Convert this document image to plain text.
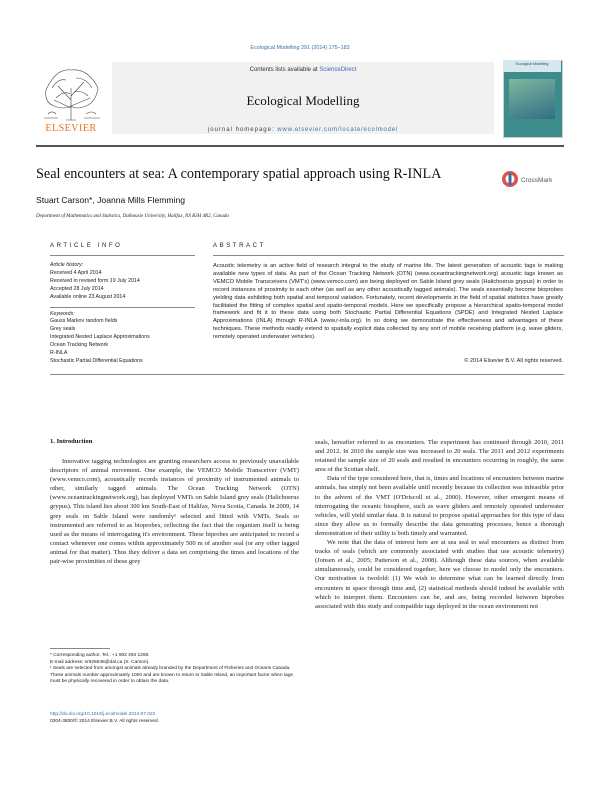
Ecological Modelling 291 (2014) 175–183
ELSEVIER
Contents lists available at ScienceDirect
Ecological Modelling
journal homepage: www.elsevier.com/locate/ecolmodel
Ecological Modelling
Seal encounters at sea: A contemporary spatial approach using R-INLA	CrossMark
Stuart Carson*, Joanna Mills Flemming
Department of Mathematics and Statistics, Dalhousie University, Halifax, NS B3H 4R2, Canada
ARTICLE INFO	ABSTRACT
Article history:
Received 4 April 2014
Received in revised form 19 July 2014
Accepted 28 July 2014
Available online 23 August 2014
Keywords:
Gauss Markov random fields
Grey seals
Integrated Nested Laplace Approximations
Ocean Tracking Network
R-INLA
Stochastic Partial Differential Equations
Acoustic telemetry is an active field of research integral to the study of marine life. The latest generation of acoustic tags is making available new types of data. As part of the Ocean Tracking Network (OTN) (www.oceantrackingnetwork.org) acoustic tags known as VEMCO Mobile Transceivers (VMT's) (www.vemco.com) are being deployed on Sable Island grey seals (Halichoerus grypus) in order to record instances of proximity to each other (as well as any other acoustically tagged animals). The seals essentially become bioprobes yielding data exhibiting both spatial and temporal variation. Fortunately, recent developments in the field of spatial statistics have greatly facilitated the fitting of complex spatial and spatio-temporal models. Here we specifically propose a hierarchical spatio-temporal model framework and fit it to these data using both Stochastic Partial Differential Equations (SPDE) and Integrated Nested Laplace Approximations (INLA) through R-INLA (www.r-inla.org). In so doing we demonstrate the effectiveness and advantages of these techniques. These methods readily extend to spatially explicit data collected by any sort of mobile receiving platform (e.g. wave gliders, remotely operated underwater vehicles).
© 2014 Elsevier B.V. All rights reserved.
1. Introduction

Innovative tagging technologies are granting researchers access to previously unavailable descriptors of animal movement. One example, the VEMCO Mobile Transceiver (VMT) (www.vemco.com), acoustically records instances of proximity of instrumented animals to other, similarly tagged animals. The Ocean Tracking Network (OTN) (www.oceantrackingnetwork.org), has deployed VMTs on Sable Island grey seals (Halichoerus grypus). This island lies about 300 km South-East of Halifax, Nova Scotia, Canada. In 2009, 14 grey seals on Sable Island were randomly¹ selected and fitted with VMTs. Seals so instrumented are referred to as bioprobes, reflecting the fact that the organism itself is being used as the means of interrogating it's environment. These biprobes are anticipated to record a contact whenever one comes within approximately 500 m of another seal (or any other tagged animal for that matter). Thus they deliver a data set comprising the times and locations of the pair-wise proximities of these grey

seals, hereafter referred to as encounters. The experiment has continued through 2010, 2011 and 2012. In 2010 the sample size was increased to 20 seals. The 2011 and 2012 experiments retained the sample size of 20 seals and resulted in encounters occurring in roughly, the same area of the Scotian shelf.

Data of the type considered here, that is, times and locations of encounters between marine animals, has simply not been available until recently because its collection was infeasible prior to the advent of the VMT (O'Driscoll et al., 2000). However, other emergent means of interrogating the oceanic biosphere, such as wave gliders and remotely operated underwater vehicles, will yield similar data. It is natural to propose spatial approaches for this type of data since they allow us to formally describe the data generating processes, hence a thorough demonstration of their utility is both timely and warranted.

We note that the data of interest here are at sea seal to seal encounters as distinct from tracks of seals (which are commonly associated with studies that use acoustic telemetry) (Jonsen et al., 2005; Patterson et al., 2008). Although these data sources, when available simultaneously, could be considered together, here we choose to model only the encounters. Our motivation is twofold: (1) We wish to determine what can be learned directly from encounters in space through time and, (2) statistical methods should indeed be available with which to interpret them. Encounters can be, and are, being recorded between biprobes associated with this study and compatible tags deployed in the ocean environment not

* Corresponding author. Tel.: +1 902 494 1268.

E-mail address: sr925638@dal.ca (S. Carson).

¹ Seals are selected from amongst animals already branded by the Department of Fisheries and Oceans Canada. These animals number approximately 1000 and are known to return to Sable Island, an important factor when tags must be physically recovered in order to obtain the data.

http://dx.doi.org/10.1016/j.ecolmodel.2014.07.022
0304-3800/© 2014 Elsevier B.V. All rights reserved.
